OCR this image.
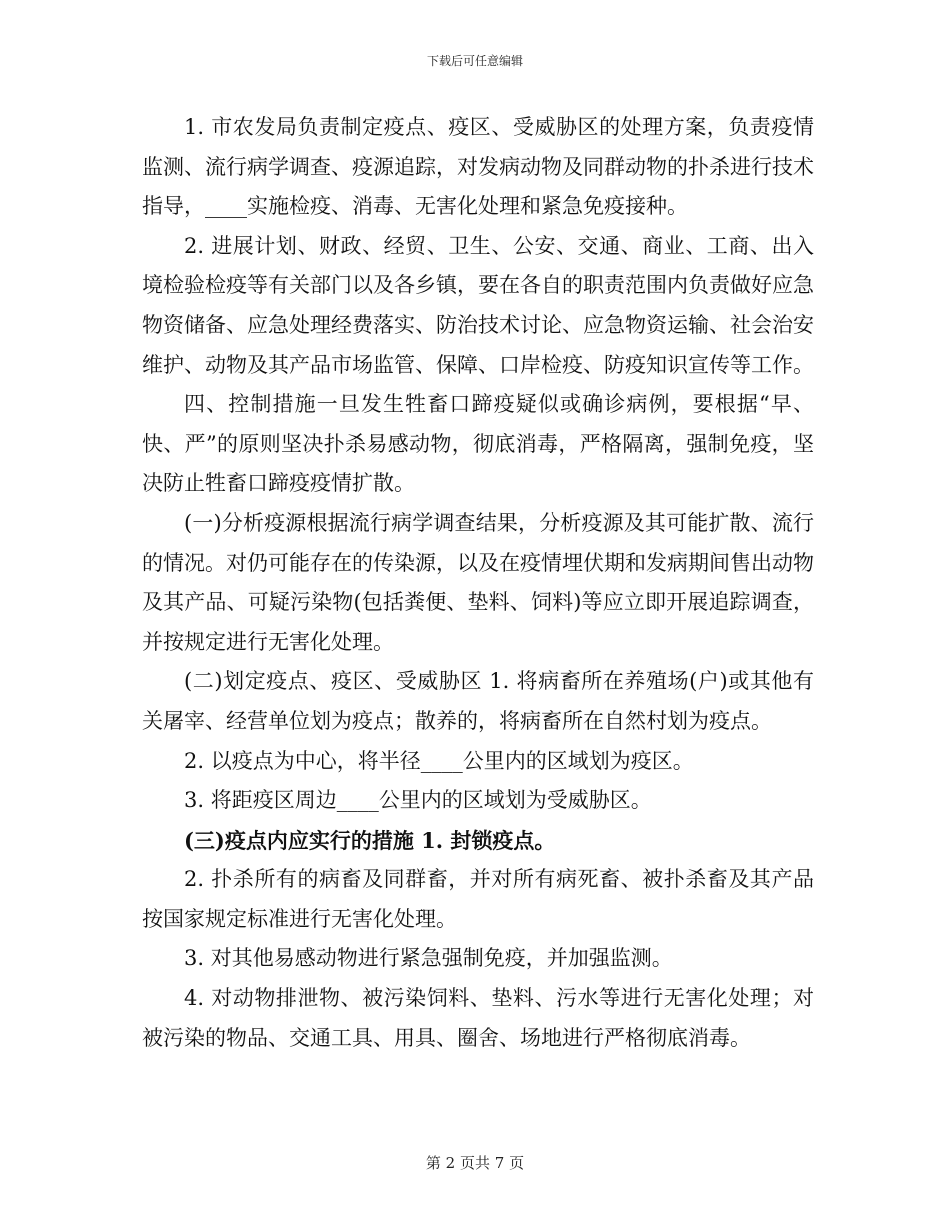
下载后可任意编辑

1. 市农发局负责制定疫点、疫区、受威胁区的处理方案，负责疫情监测、流行病学调查、疫源追踪，对发病动物及同群动物的扑杀进行技术指导，____实施检疫、消毒、无害化处理和紧急免疫接种。

2. 进展计划、财政、经贸、卫生、公安、交通、商业、工商、出入境检验检疫等有关部门以及各乡镇，要在各自的职责范围内负责做好应急物资储备、应急处理经费落实、防治技术讨论、应急物资运输、社会治安维护、动物及其产品市场监管、保障、口岸检疫、防疫知识宣传等工作。

四、控制措施一旦发生牲畜口蹄疫疑似或确诊病例，要根据“早、快、严”的原则坚决扑杀易感动物，彻底消毒，严格隔离，强制免疫，坚决防止牲畜口蹄疫疫情扩散。

(一)分析疫源根据流行病学调查结果，分析疫源及其可能扩散、流行的情况。对仍可能存在的传染源，以及在疫情埋伏期和发病期间售出动物及其产品、可疑污染物(包括粪便、垫料、饲料)等应立即开展追踪调查，并按规定进行无害化处理。

(二)划定疫点、疫区、受威胁区 1. 将病畜所在养殖场(户)或其他有关屠宰、经营单位划为疫点；散养的，将病畜所在自然村划为疫点。

2. 以疫点为中心，将半径____公里内的区域划为疫区。

3. 将距疫区周边____公里内的区域划为受威胁区。

(三)疫点内应实行的措施 1. 封锁疫点。

2. 扑杀所有的病畜及同群畜，并对所有病死畜、被扑杀畜及其产品按国家规定标准进行无害化处理。

3. 对其他易感动物进行紧急强制免疫，并加强监测。

4. 对动物排泄物、被污染饲料、垫料、污水等进行无害化处理；对被污染的物品、交通工具、用具、圈舍、场地进行严格彻底消毒。

第 2 页共 7 页
